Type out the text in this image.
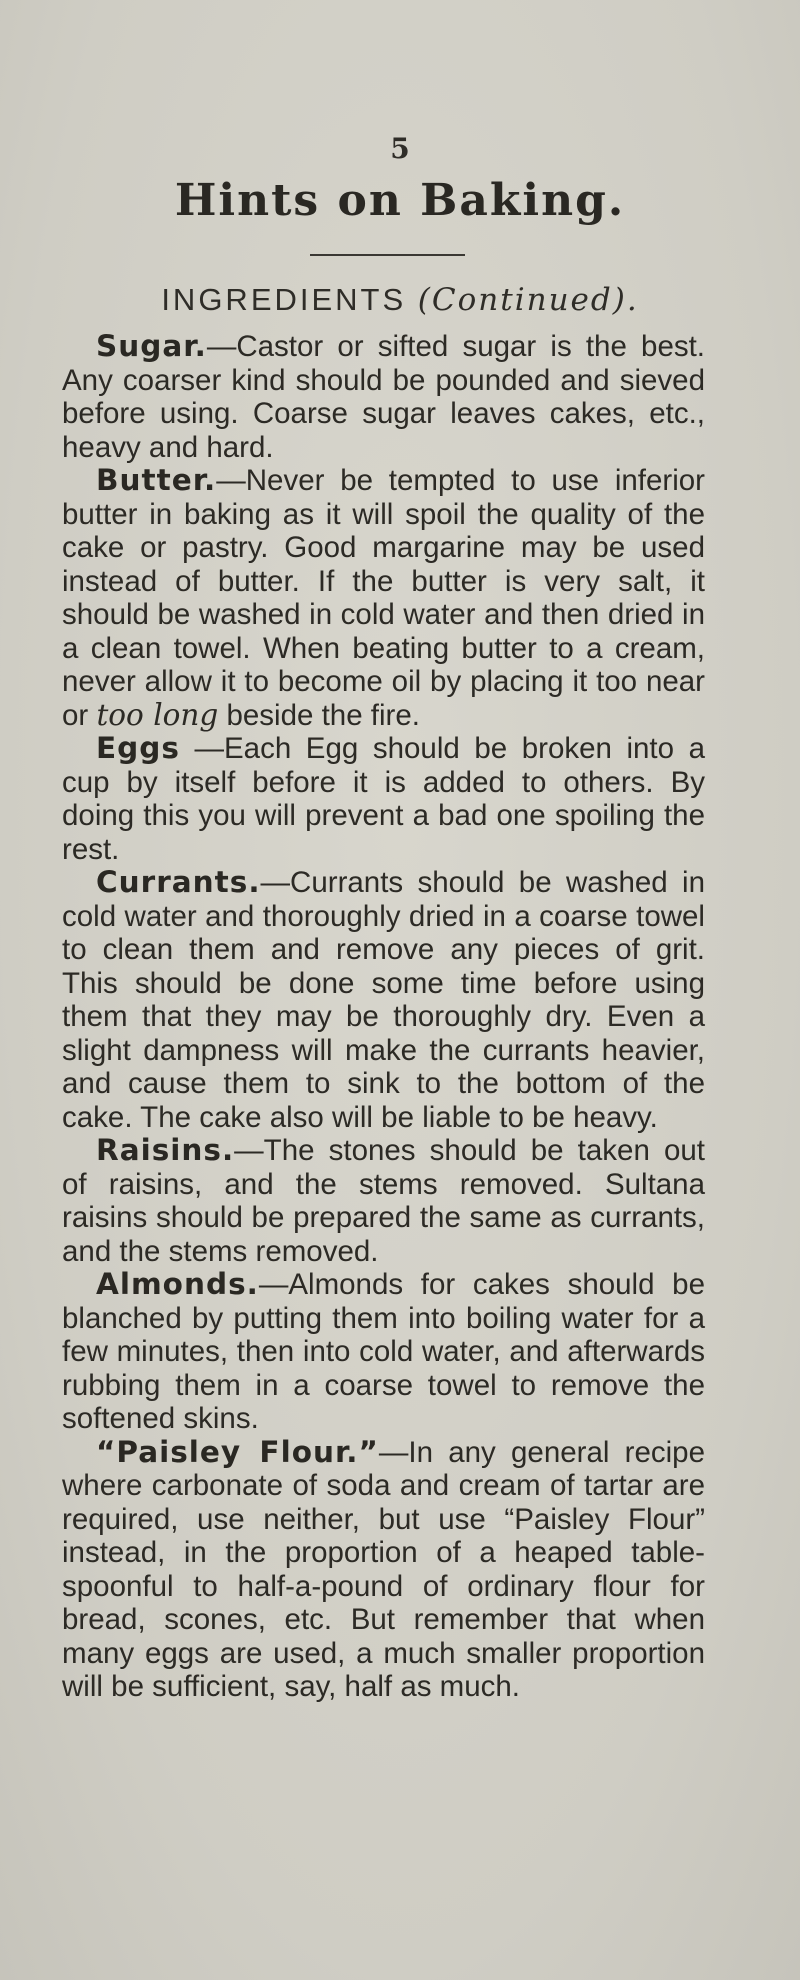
5
Hints on Baking.
INGREDIENTS (Continued).

Sugar.—Castor or sifted sugar is the best. Any coarser kind should be pounded and sieved before using. Coarse sugar leaves cakes, etc., heavy and hard.

Butter.—Never be tempted to use inferior butter in baking as it will spoil the quality of the cake or pastry. Good margarine may be used instead of butter. If the butter is very salt, it should be washed in cold water and then dried in a clean towel. When beating butter to a cream, never allow it to become oil by placing it too near or too long beside the fire.

Eggs —Each Egg should be broken into a cup by itself before it is added to others. By doing this you will prevent a bad one spoiling the rest.

Currants.—Currants should be washed in cold water and thoroughly dried in a coarse towel to clean them and remove any pieces of grit. This should be done some time before using them that they may be thoroughly dry. Even a slight dampness will make the currants heavier, and cause them to sink to the bottom of the cake. The cake also will be liable to be heavy.

Raisins.—The stones should be taken out of raisins, and the stems removed. Sultana raisins should be prepared the same as currants, and the stems removed.

Almonds.—Almonds for cakes should be blanched by putting them into boiling water for a few minutes, then into cold water, and afterwards rubbing them in a coarse towel to remove the softened skins.

“Paisley Flour.”—In any general recipe where carbonate of soda and cream of tartar are required, use neither, but use “Paisley Flour” instead, in the proportion of a heaped table-spoonful to half-a-pound of ordinary flour for bread, scones, etc. But remember that when many eggs are used, a much smaller proportion will be sufficient, say, half as much.
